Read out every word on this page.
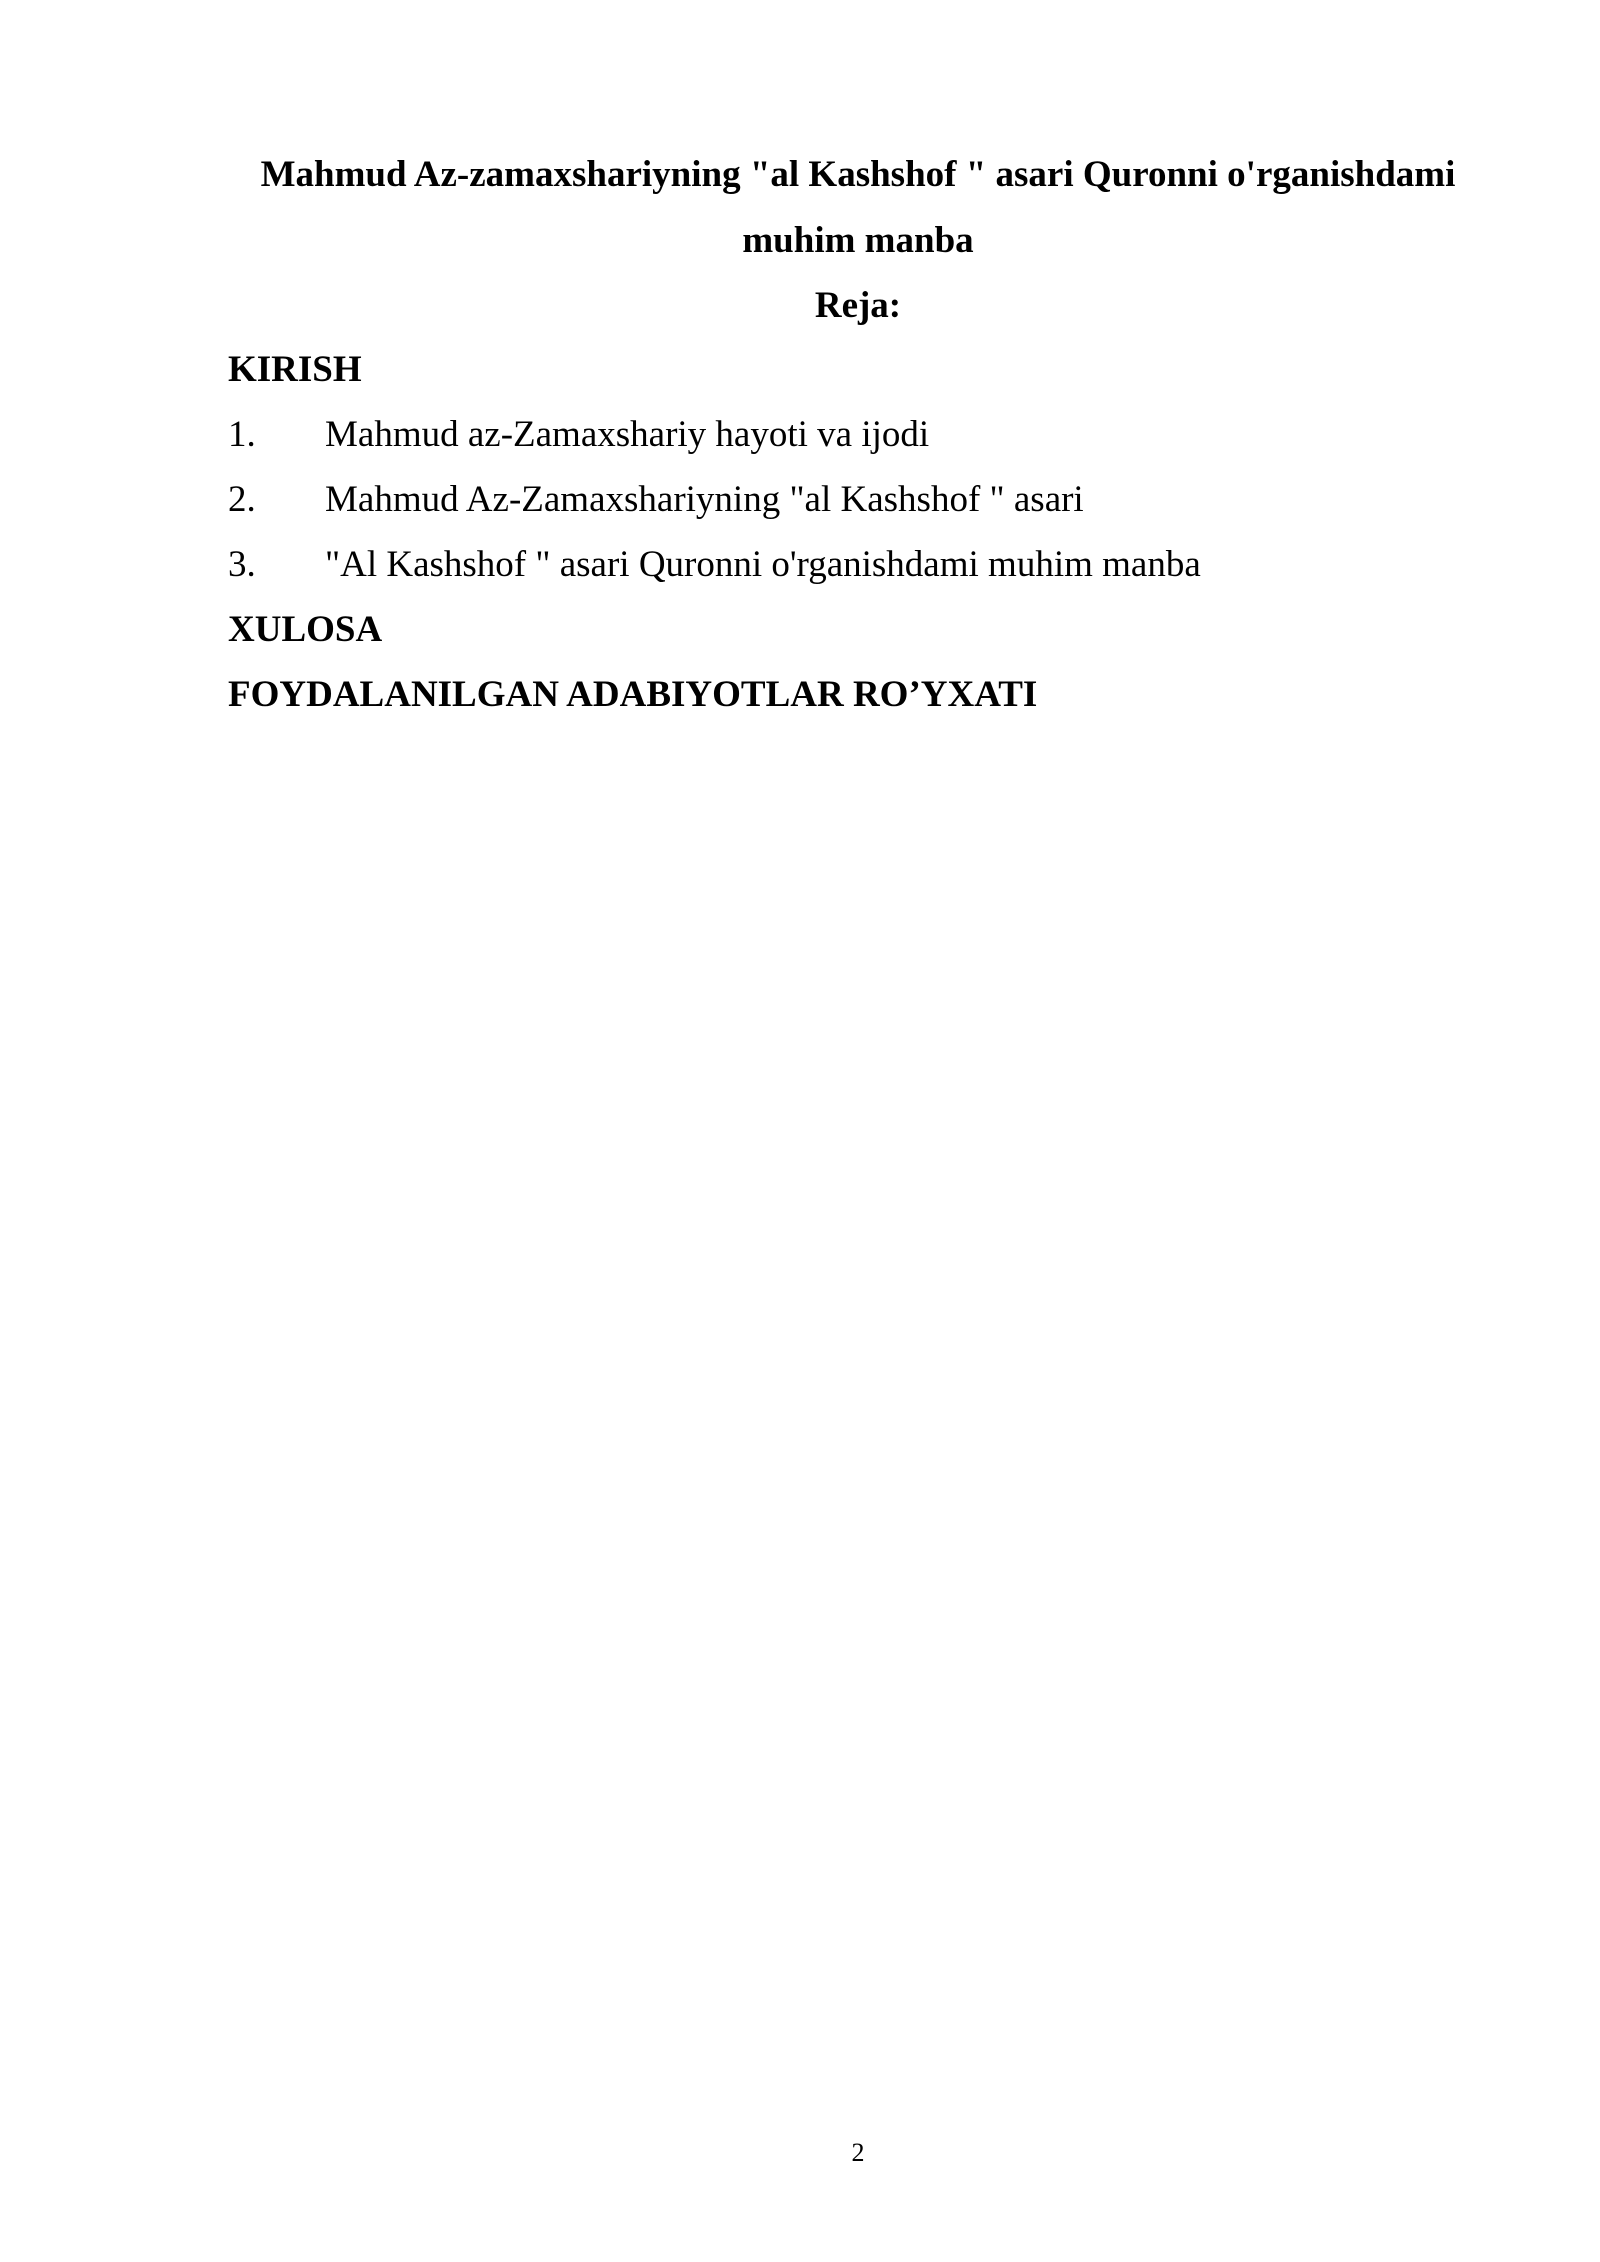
Mahmud Az-zamaxshariyning "al Kashshof " asari Quronni o'rganishdami muhim manba
Reja:
KIRISH
1. Mahmud az-Zamaxshariy hayoti va ijodi
2. Mahmud Az-Zamaxshariyning "al Kashshof " asari
3. "Al Kashshof " asari Quronni o'rganishdami muhim manba
XULOSA
FOYDALANILGAN ADABIYOTLAR RO’YXATI
2
